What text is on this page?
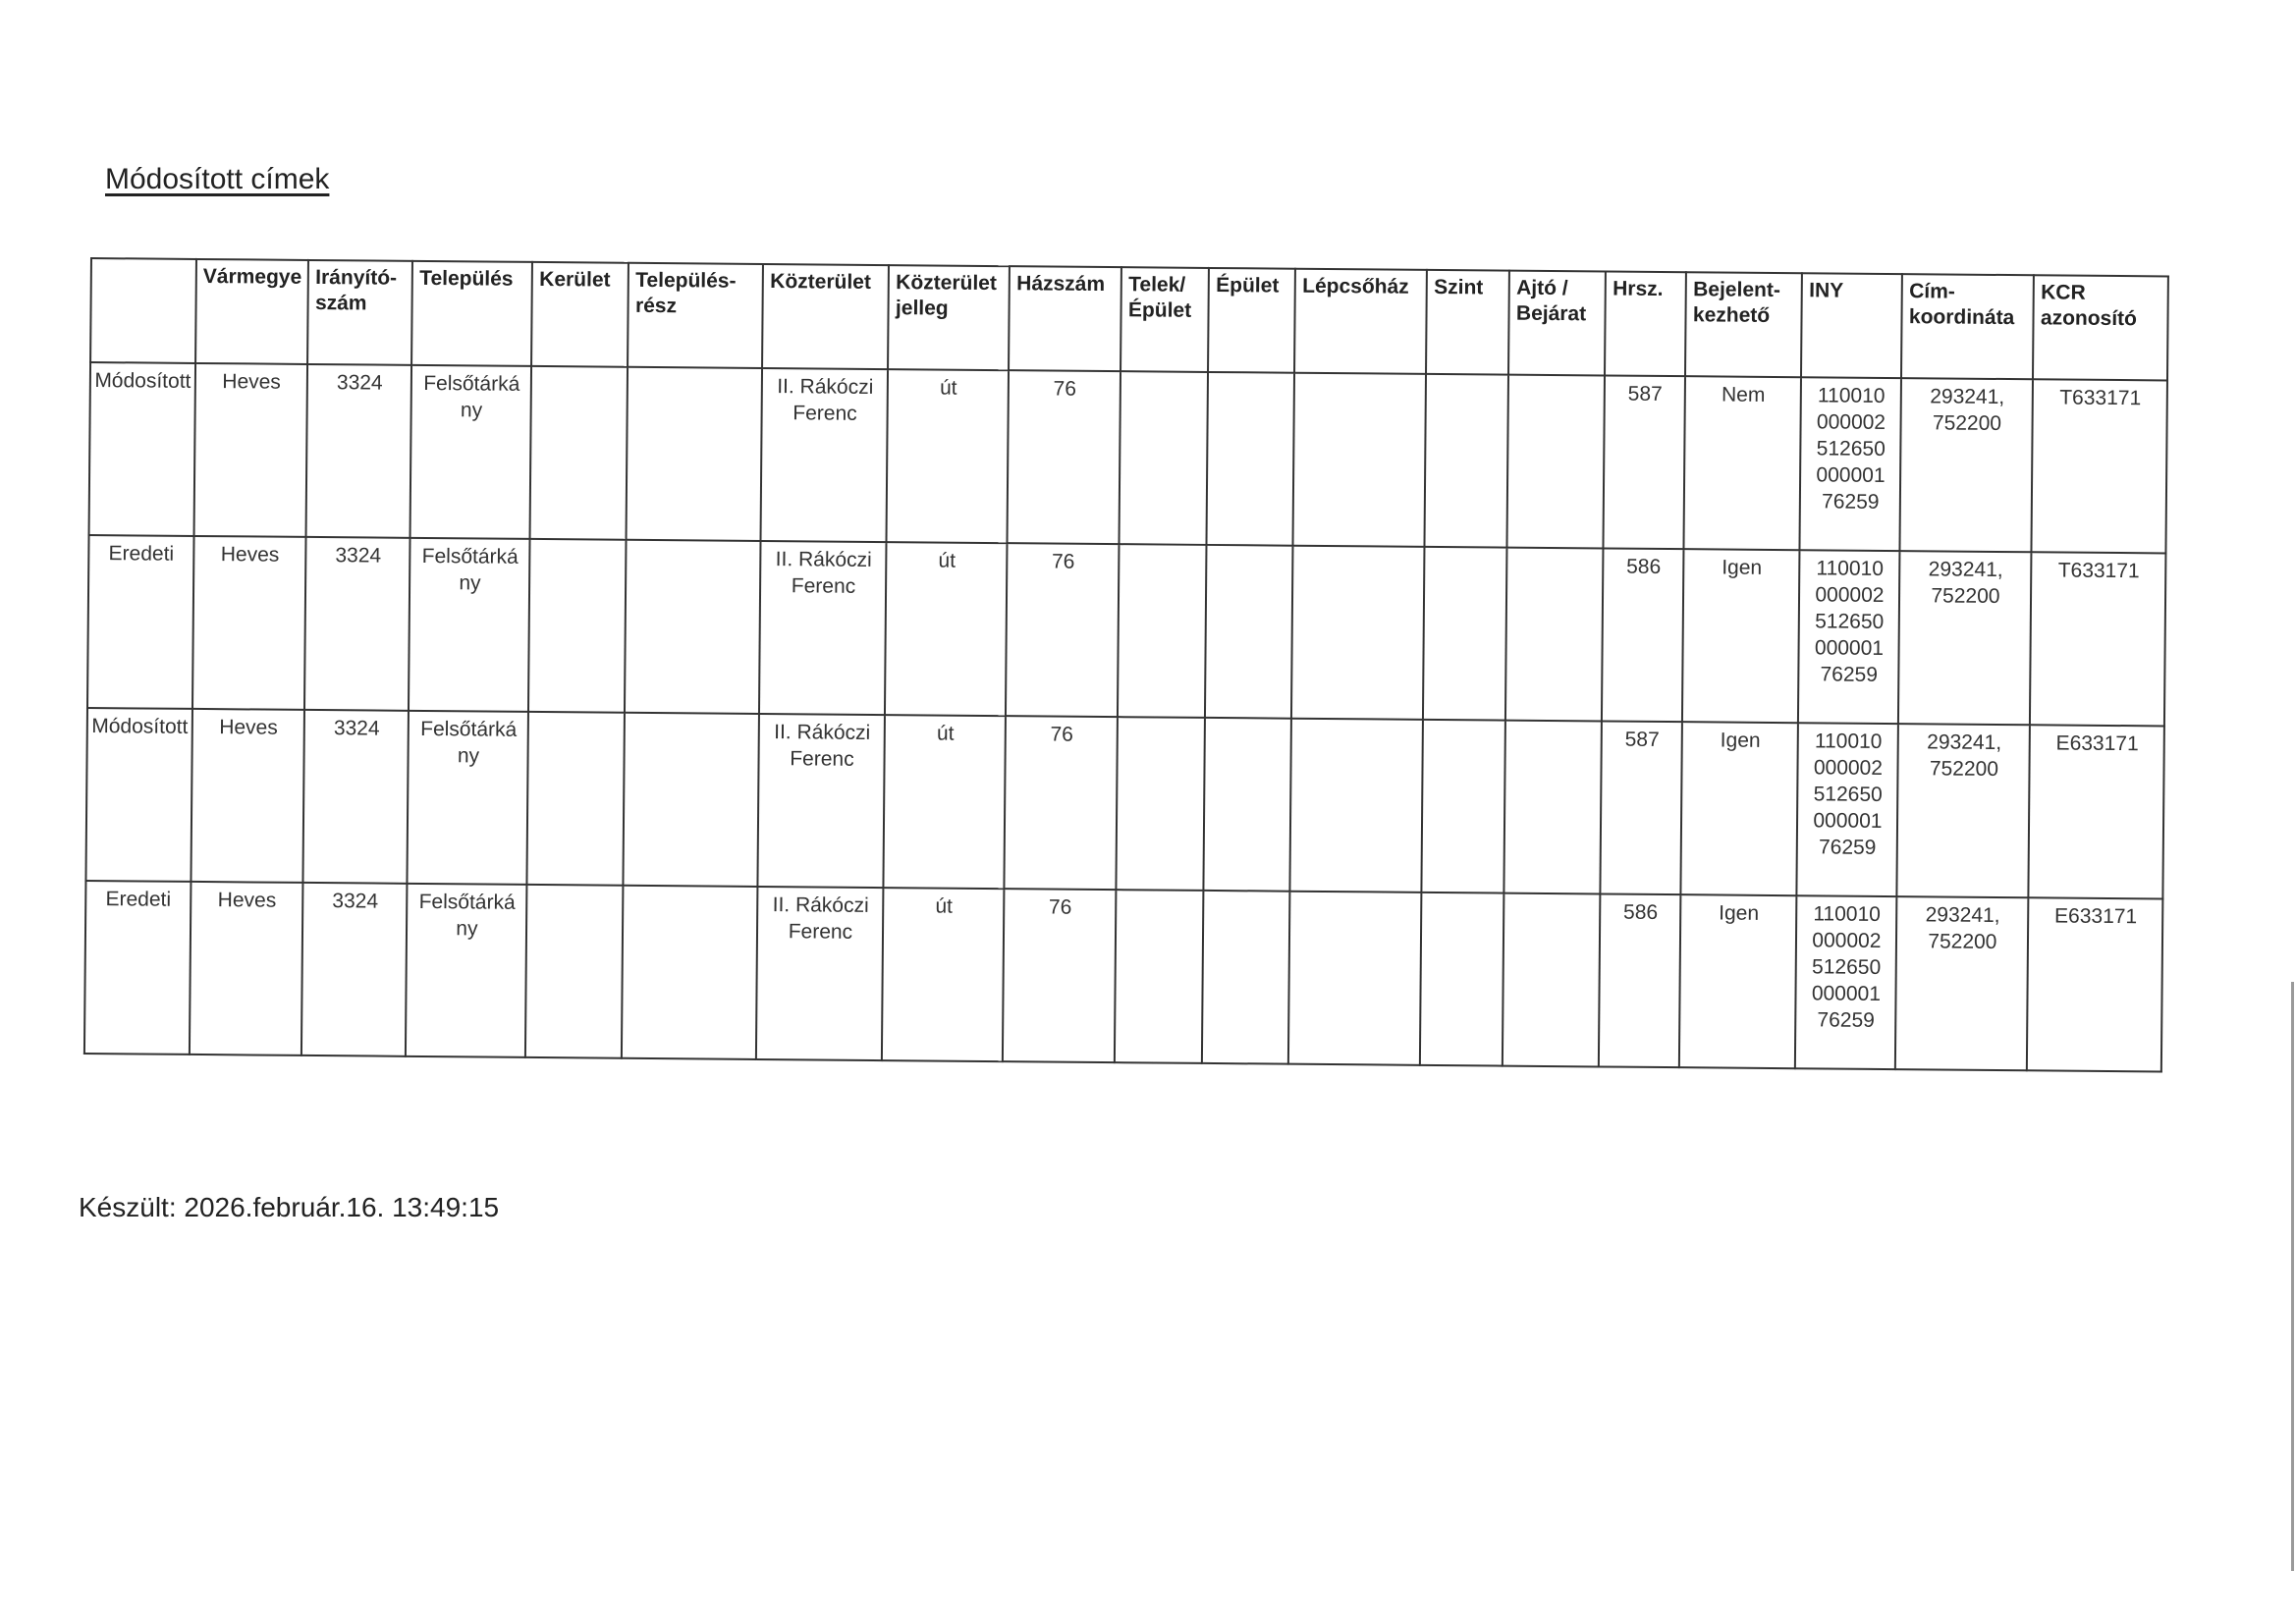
Módosított címek
	Vármegye	Irányító-szám	Település	Kerület	Település-rész	Közterület	Közterület jelleg	Házszám	Telek/ Épület	Épület	Lépcsőház	Szint	Ajtó / Bejárat	Hrsz.	Bejelent-kezhető	INY	Cím-koordináta	KCR azonosító
Módosított	Heves	3324	Felsőtárkány			II. Rákóczi Ferenc	út	76						587	Nem	11001000000251265000000176259	293241, 752200	T633171
Eredeti	Heves	3324	Felsőtárkány			II. Rákóczi Ferenc	út	76						586	Igen	11001000000251265000000176259	293241, 752200	T633171
Módosított	Heves	3324	Felsőtárkány			II. Rákóczi Ferenc	út	76						587	Igen	11001000000251265000000176259	293241, 752200	E633171
Eredeti	Heves	3324	Felsőtárkány			II. Rákóczi Ferenc	út	76						586	Igen	11001000000251265000000176259	293241, 752200	E633171

Készült: 2026.február.16. 13:49:15
